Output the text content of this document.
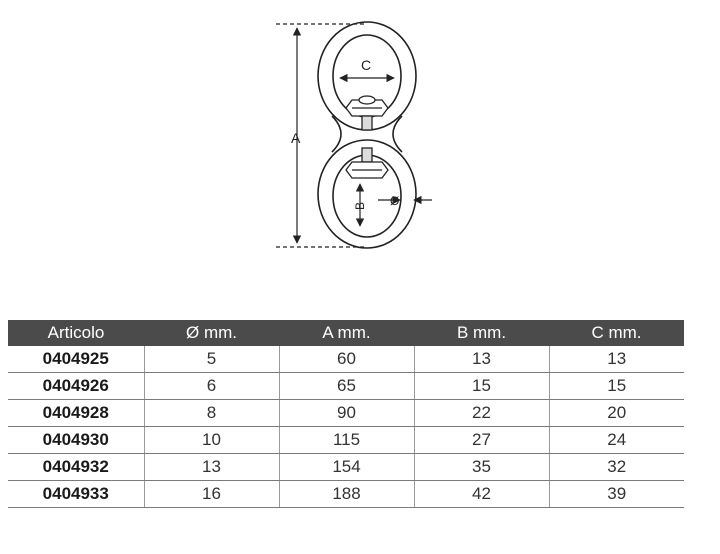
A
C
B Ø
Articolo	Ø mm.	A mm.	B mm.	C mm.
0404925	5	60	13	13
0404926	6	65	15	15
0404928	8	90	22	20
0404930	10	115	27	24
0404932	13	154	35	32
0404933	16	188	42	39
